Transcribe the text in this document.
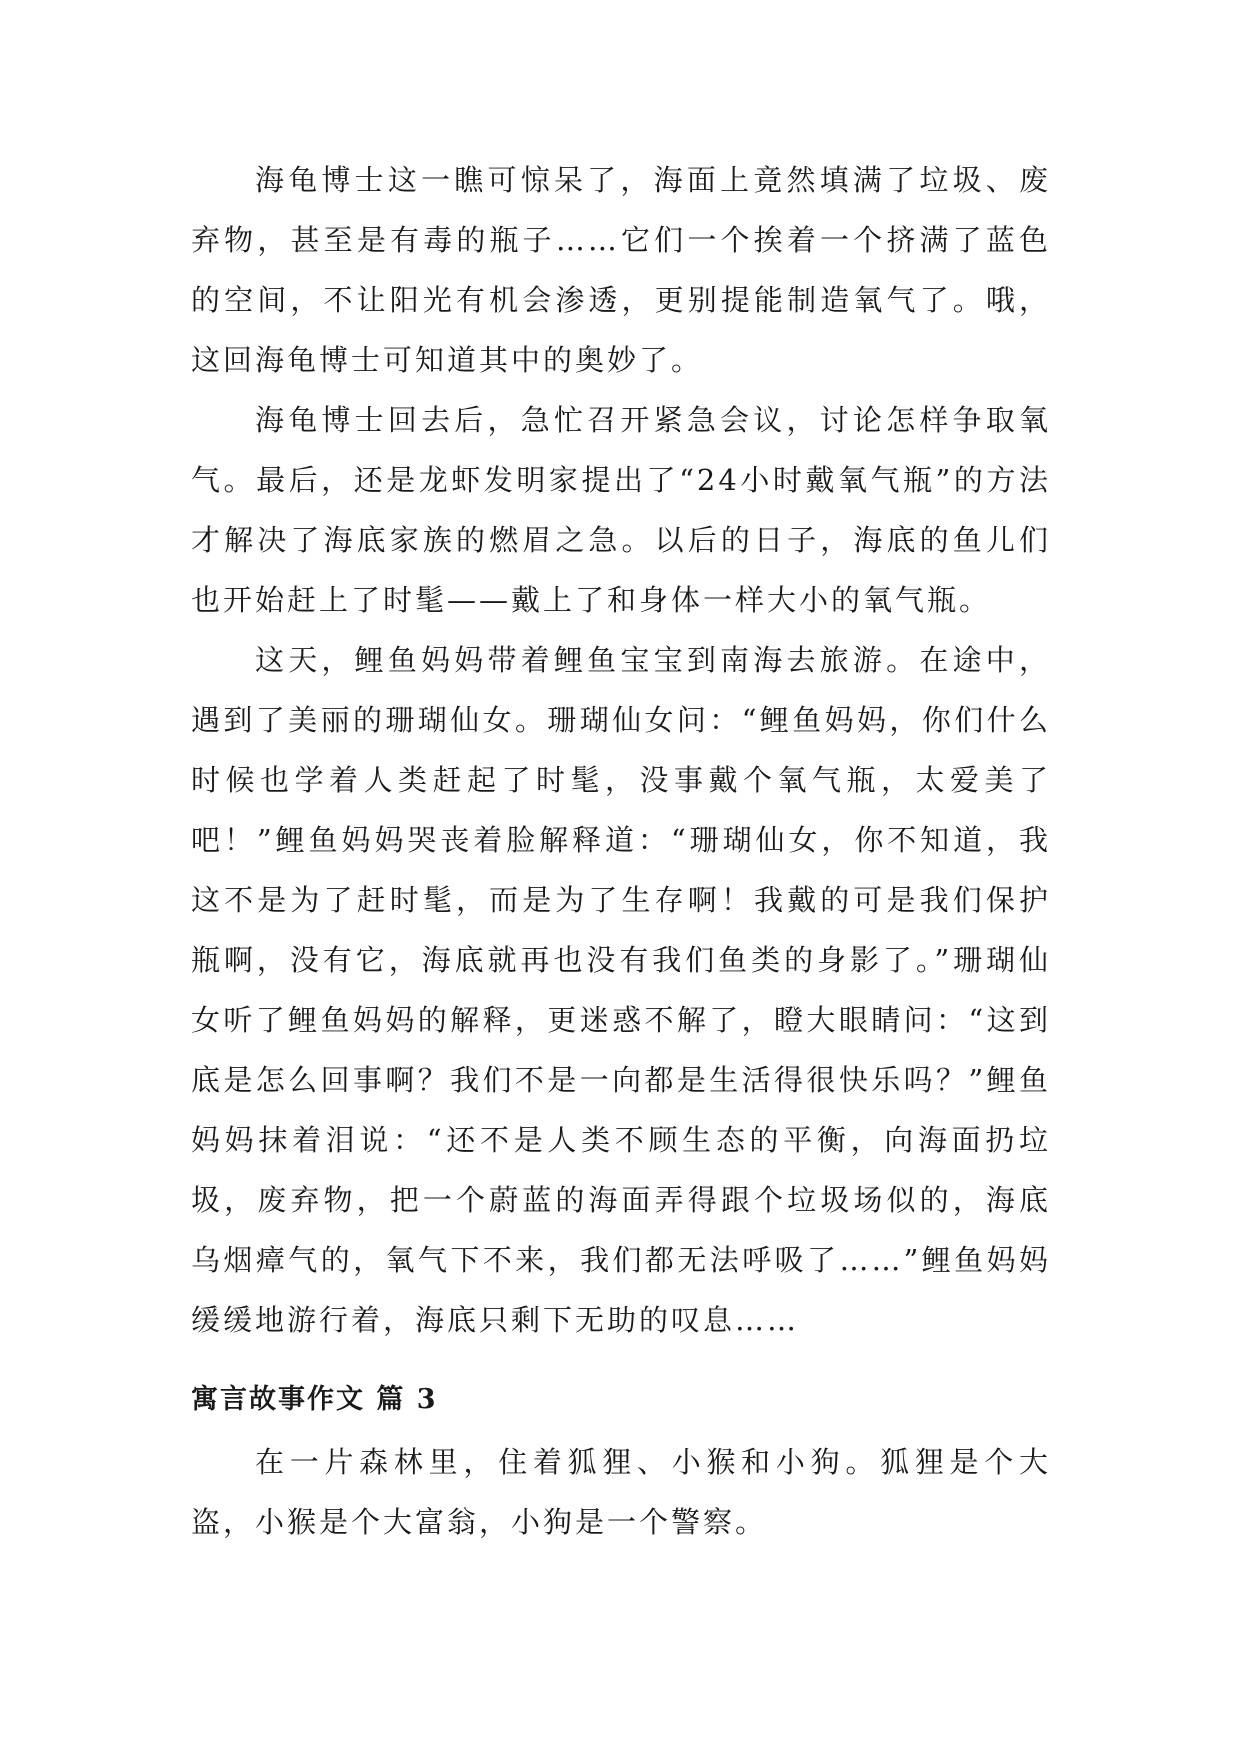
海龟博士这一瞧可惊呆了，海面上竟然填满了垃圾、废弃物，甚至是有毒的瓶子……它们一个挨着一个挤满了蓝色的空间，不让阳光有机会渗透，更别提能制造氧气了。哦，这回海龟博士可知道其中的奥妙了。

海龟博士回去后，急忙召开紧急会议，讨论怎样争取氧气。最后，还是龙虾发明家提出了“24小时戴氧气瓶”的方法才解决了海底家族的燃眉之急。以后的日子，海底的鱼儿们也开始赶上了时髦——戴上了和身体一样大小的氧气瓶。

这天，鲤鱼妈妈带着鲤鱼宝宝到南海去旅游。在途中，遇到了美丽的珊瑚仙女。珊瑚仙女问：“鲤鱼妈妈，你们什么时候也学着人类赶起了时髦，没事戴个氧气瓶，太爱美了吧！”鲤鱼妈妈哭丧着脸解释道：“珊瑚仙女，你不知道，我这不是为了赶时髦，而是为了生存啊！我戴的可是我们保护瓶啊，没有它，海底就再也没有我们鱼类的身影了。”珊瑚仙女听了鲤鱼妈妈的解释，更迷惑不解了，瞪大眼睛问：“这到底是怎么回事啊？我们不是一向都是生活得很快乐吗？”鲤鱼妈妈抹着泪说：“还不是人类不顾生态的平衡，向海面扔垃圾，废弃物，把一个蔚蓝的海面弄得跟个垃圾场似的，海底乌烟瘴气的，氧气下不来，我们都无法呼吸了……”鲤鱼妈妈缓缓地游行着，海底只剩下无助的叹息……

寓言故事作文 篇 3

在一片森林里，住着狐狸、小猴和小狗。狐狸是个大盗，小猴是个大富翁，小狗是一个警察。
